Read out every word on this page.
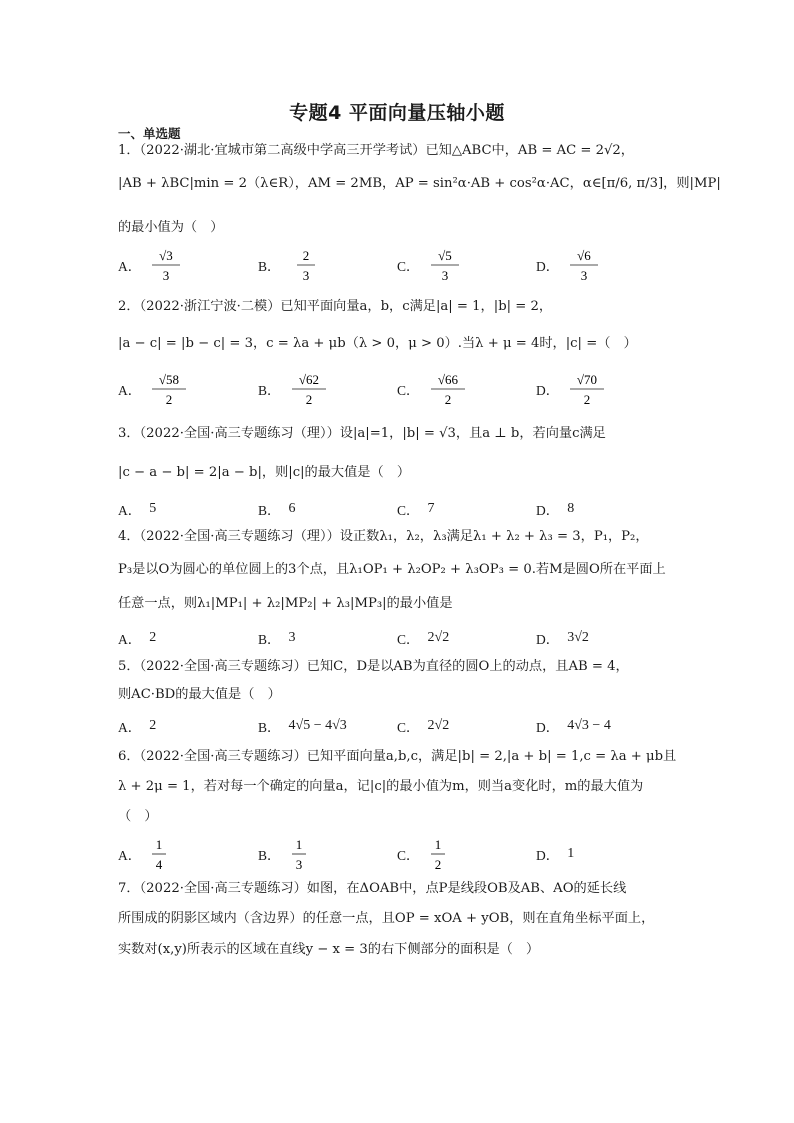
专题4 平面向量压轴小题
一、单选题
1．（2022·湖北·宜城市第二高级中学高三开学考试）已知△ABC中，AB = AC = 2√2，
|AB + λBC|min = 2（λ∈R），AM = 2MB，AP = sin²α·AB + cos²α·AC，α∈[π/6, π/3]，则|MP|
的最小值为（　）
A．
√3
3
B．
2
3
C．
√5
3
D．
√6
3
2．（2022·浙江宁波·二模）已知平面向量a，b，c满足|a| = 1，|b| = 2，
|a − c| = |b − c| = 3，c = λa + μb（λ > 0，μ > 0）.当λ + μ = 4时，|c| =（　）
A．
√58
2
B．
√62
2
C．
√66
2
D．
√70
2
3．（2022·全国·高三专题练习（理））设|a|=1，|b| = √3，且a ⊥ b，若向量c满足
|c − a − b| = 2|a − b|，则|c|的最大值是（　）
A． 5	B． 6	C． 7	D． 8
4．（2022·全国·高三专题练习（理））设正数λ₁，λ₂，λ₃满足λ₁ + λ₂ + λ₃ = 3，P₁，P₂，
P₃是以O为圆心的单位圆上的3个点，且λ₁OP₁ + λ₂OP₂ + λ₃OP₃ = 0.若M是圆O所在平面上
任意一点，则λ₁|MP₁| + λ₂|MP₂| + λ₃|MP₃|的最小值是
A． 2	B． 3	C． 2√2	D． 3√2
5．（2022·全国·高三专题练习）已知C，D是以AB为直径的圆O上的动点，且AB = 4，
则AC·BD的最大值是（　）
A． 2	B． 4√5 − 4√3	C． 2√2	D． 4√3 − 4
6．（2022·全国·高三专题练习）已知平面向量a,b,c，满足|b| = 2,|a + b| = 1,c = λa + μb且
λ + 2μ = 1，若对每一个确定的向量a，记|c|的最小值为m，则当a变化时，m的最大值为
（　）
A．
1
4
B．
1
3
C．
1
2
D． 1
7．（2022·全国·高三专题练习）如图，在ΔOAB中，点P是线段OB及AB、AO的延长线
所围成的阴影区域内（含边界）的任意一点，且OP = xOA + yOB，则在直角坐标平面上，
实数对(x,y)所表示的区域在直线y − x = 3的右下侧部分的面积是（　）
